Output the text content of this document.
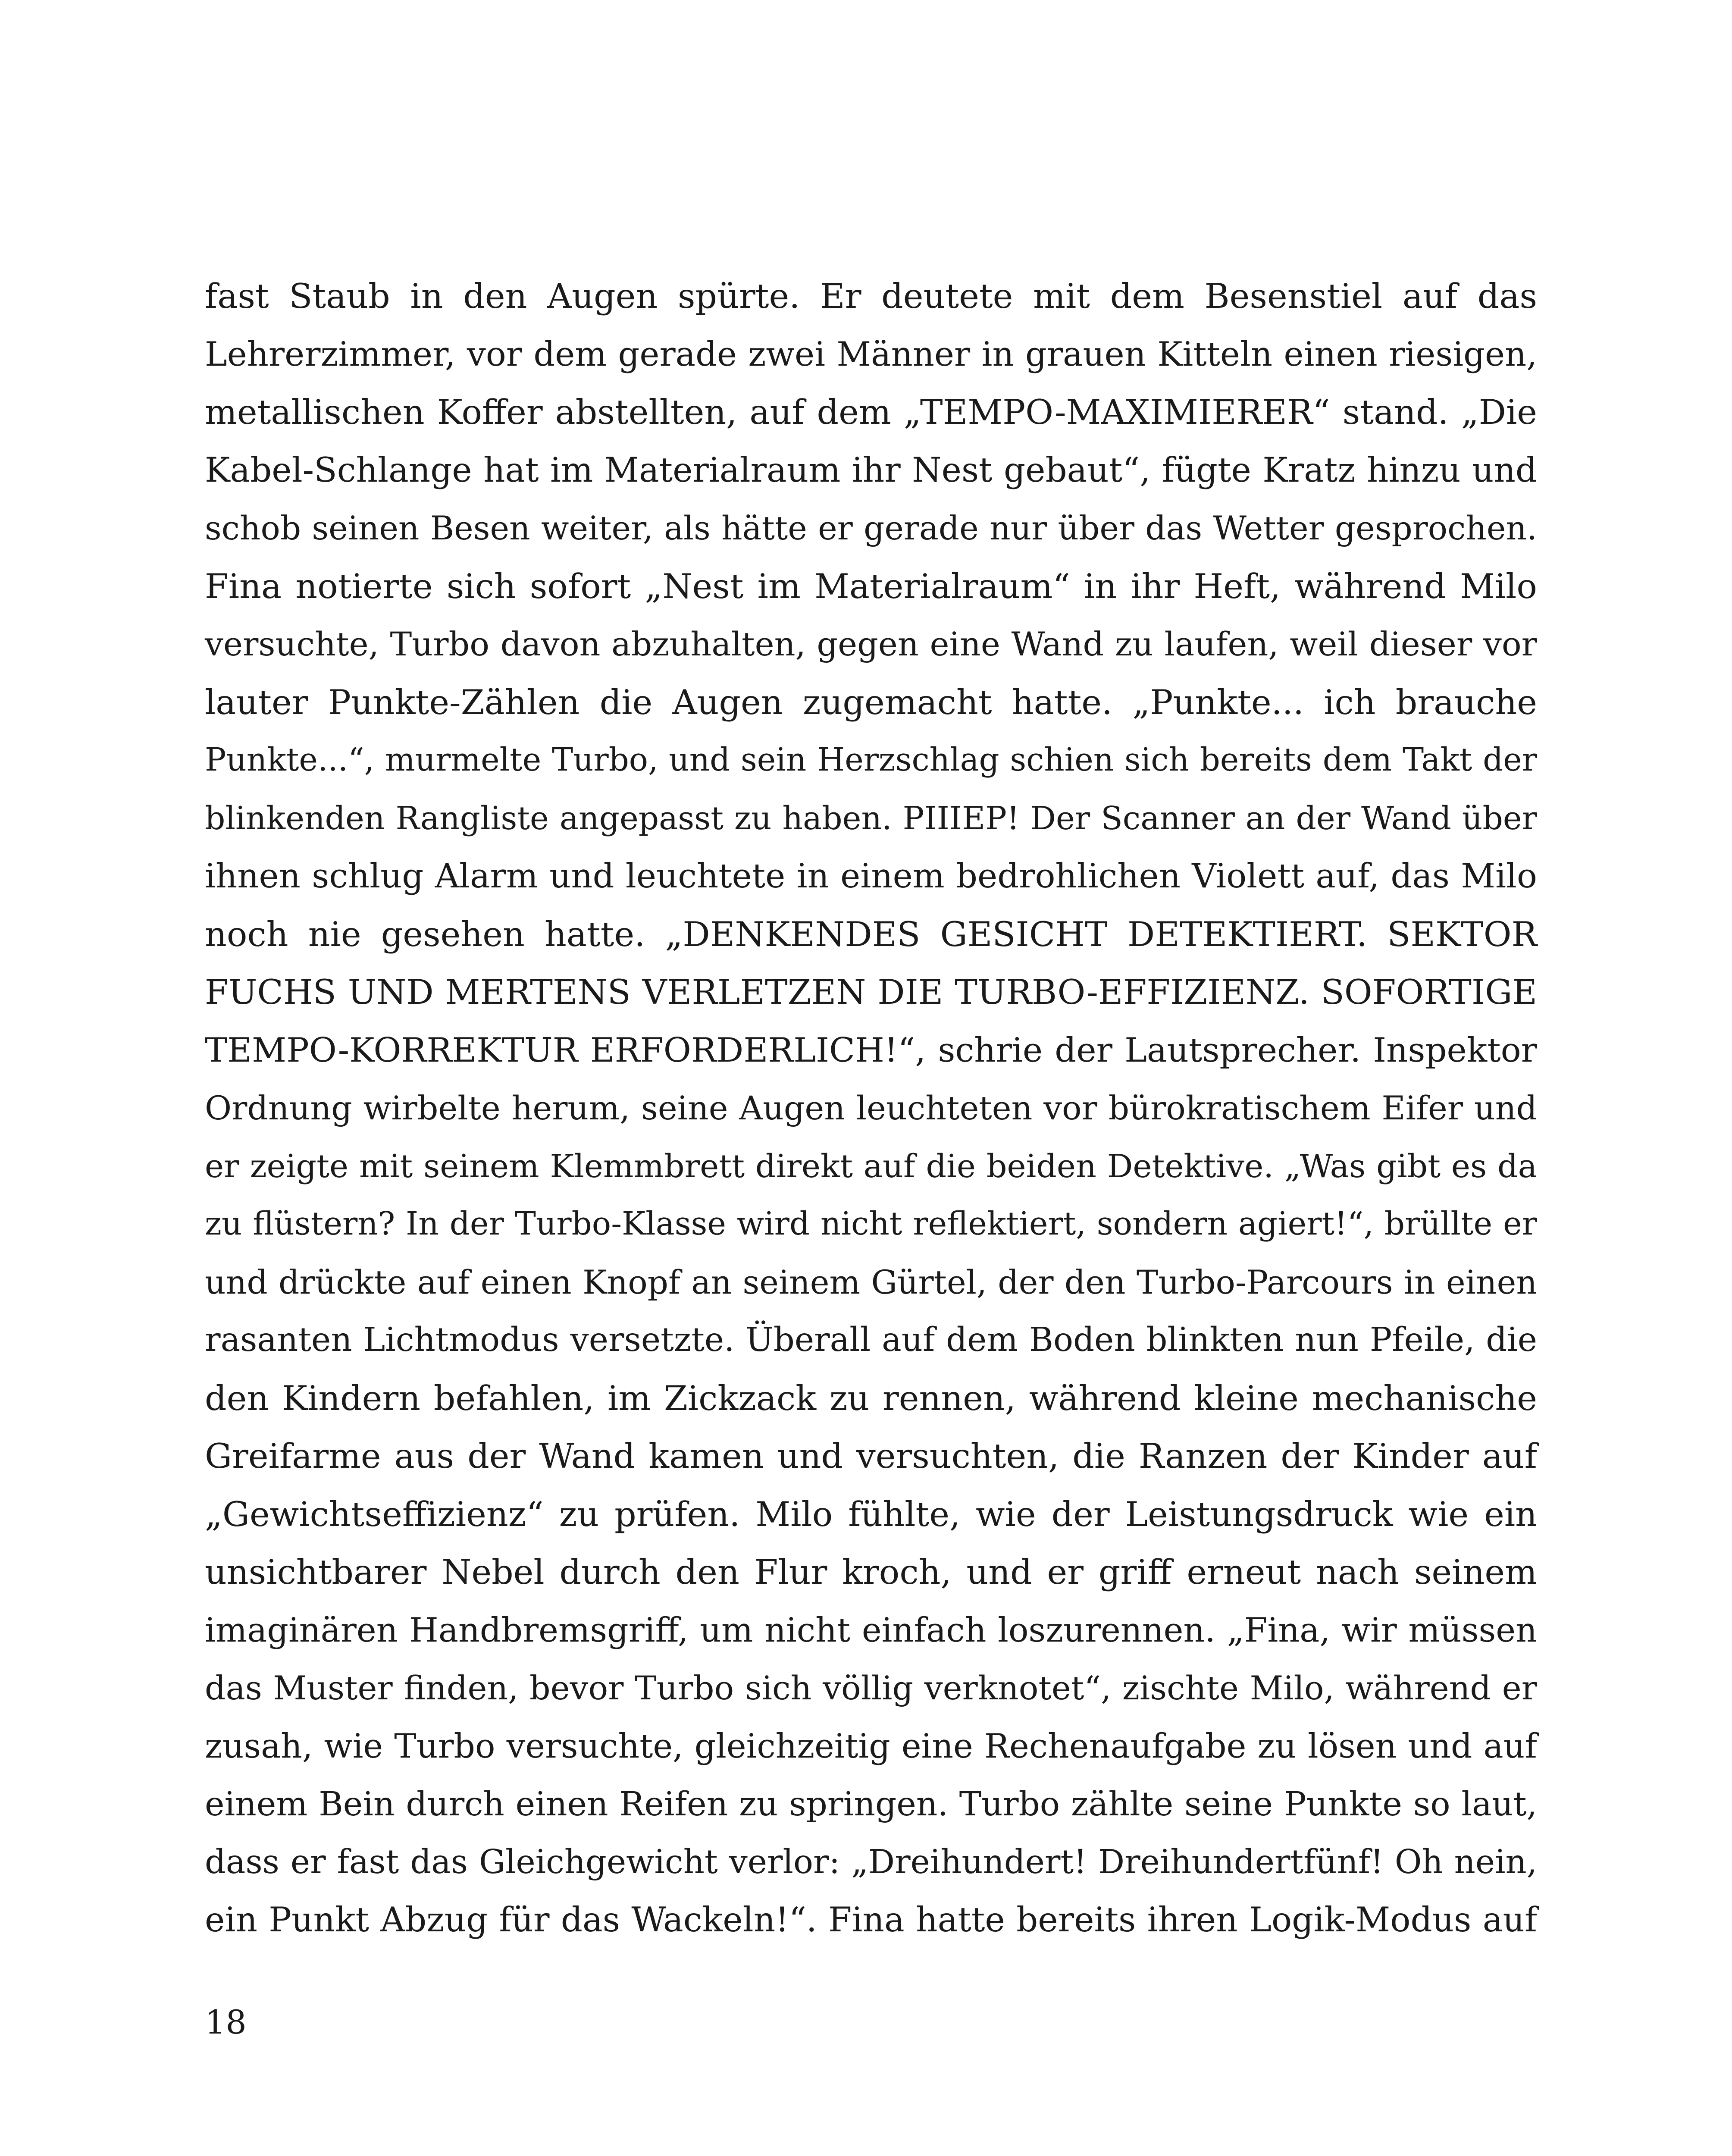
fast Staub in den Augen spürte. Er deutete mit dem Besenstiel auf das
Lehrerzimmer, vor dem gerade zwei Männer in grauen Kitteln einen riesigen,
metallischen Koffer abstellten, auf dem „TEMPO-MAXIMIERER“ stand. „Die
Kabel-Schlange hat im Materialraum ihr Nest gebaut“, fügte Kratz hinzu und
schob seinen Besen weiter, als hätte er gerade nur über das Wetter gesprochen.
Fina notierte sich sofort „Nest im Materialraum“ in ihr Heft, während Milo
versuchte, Turbo davon abzuhalten, gegen eine Wand zu laufen, weil dieser vor
lauter Punkte-Zählen die Augen zugemacht hatte. „Punkte... ich brauche
Punkte...“, murmelte Turbo, und sein Herzschlag schien sich bereits dem Takt der
blinkenden Rangliste angepasst zu haben. PIIIEP! Der Scanner an der Wand über
ihnen schlug Alarm und leuchtete in einem bedrohlichen Violett auf, das Milo
noch nie gesehen hatte. „DENKENDES GESICHT DETEKTIERT. SEKTOR
FUCHS UND MERTENS VERLETZEN DIE TURBO-EFFIZIENZ. SOFORTIGE
TEMPO-KORREKTUR ERFORDERLICH!“, schrie der Lautsprecher. Inspektor
Ordnung wirbelte herum, seine Augen leuchteten vor bürokratischem Eifer und
er zeigte mit seinem Klemmbrett direkt auf die beiden Detektive. „Was gibt es da
zu flüstern? In der Turbo-Klasse wird nicht reflektiert, sondern agiert!“, brüllte er
und drückte auf einen Knopf an seinem Gürtel, der den Turbo-Parcours in einen
rasanten Lichtmodus versetzte. Überall auf dem Boden blinkten nun Pfeile, die
den Kindern befahlen, im Zickzack zu rennen, während kleine mechanische
Greifarme aus der Wand kamen und versuchten, die Ranzen der Kinder auf
„Gewichtseffizienz“ zu prüfen. Milo fühlte, wie der Leistungsdruck wie ein
unsichtbarer Nebel durch den Flur kroch, und er griff erneut nach seinem
imaginären Handbremsgriff, um nicht einfach loszurennen. „Fina, wir müssen
das Muster finden, bevor Turbo sich völlig verknotet“, zischte Milo, während er
zusah, wie Turbo versuchte, gleichzeitig eine Rechenaufgabe zu lösen und auf
einem Bein durch einen Reifen zu springen. Turbo zählte seine Punkte so laut,
dass er fast das Gleichgewicht verlor: „Dreihundert! Dreihundertfünf! Oh nein,
ein Punkt Abzug für das Wackeln!“. Fina hatte bereits ihren Logik-Modus auf
18
